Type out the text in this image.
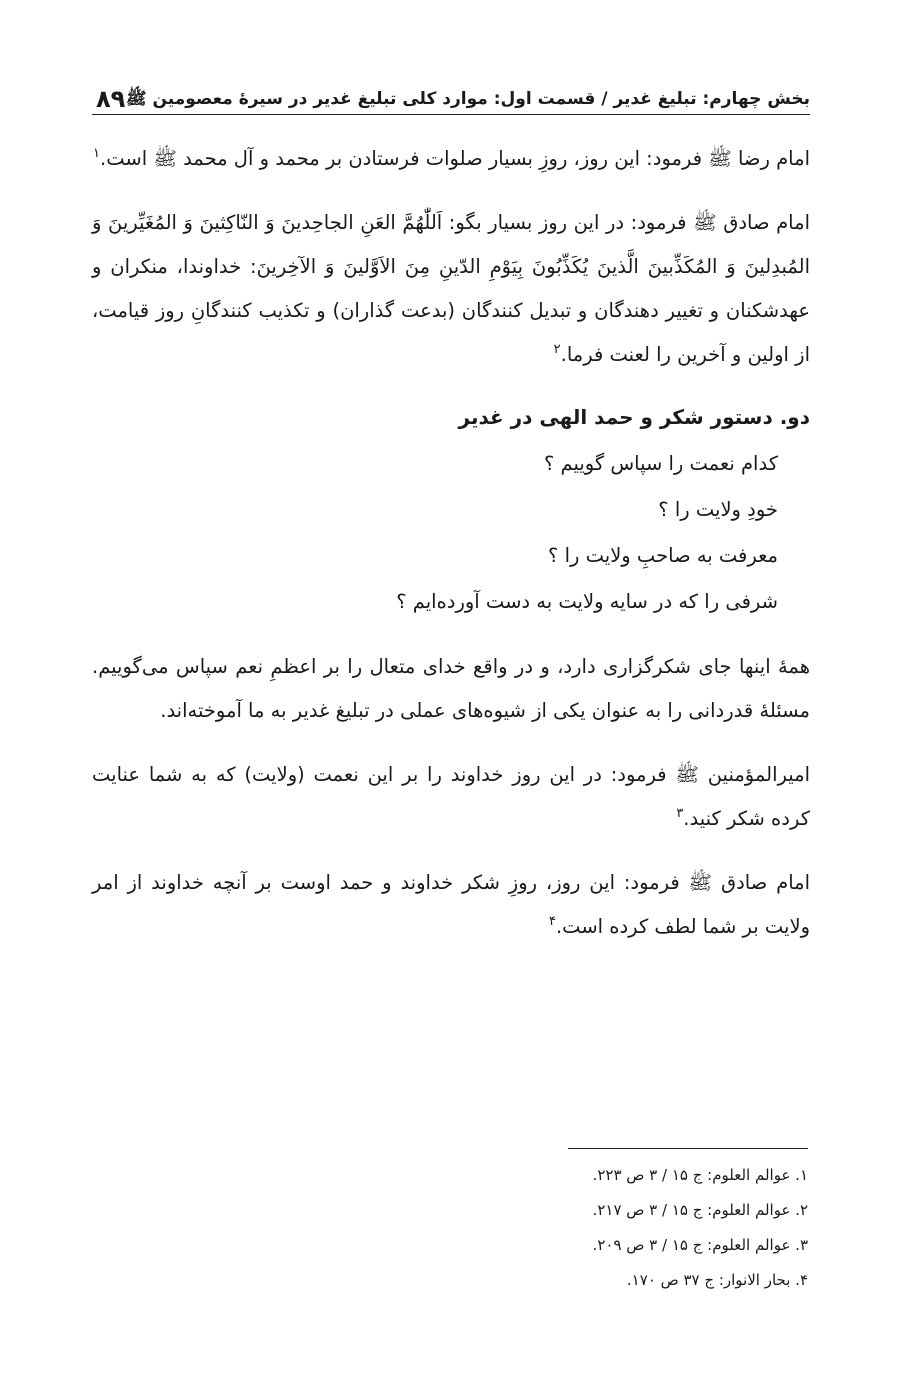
بخش چهارم: تبلیغ غدیر / قسمت اول: موارد کلی تبلیغ غدیر در سیرهٔ معصومین ﷺ
۸۹

امام رضا ﷺ فرمود: این روز، روزِ بسیار صلوات فرستادن بر محمد و آل محمد ﷺ است.$^۱$

امام صادق ﷺ فرمود: در این روز بسیار بگو: اَللّٰهُمَّ العَنِ الجاحِدینَ وَ النّاکِثینَ وَ المُغَیِّرینَ وَ المُبدِلینَ وَ المُکَذِّبینَ الَّذینَ یُکَذِّبُونَ بِیَوْمِ الدّینِ مِنَ الاَوَّلینَ وَ الآخِرینَ: خداوندا، منکران و عهدشکنان و تغییر دهندگان و تبدیل کنندگان (بدعت گذاران) و تکذیب کنندگانِ روز قیامت، از اولین و آخرین را لعنت فرما.$^۲$

دو. دستور شکر و حمد الهی در غدیر
کدام نعمت را سپاس گوییم ؟
خودِ ولایت را ؟
معرفت به صاحبِ ولایت را ؟
شرفی را که در سایه ولایت به دست آورده‌ایم ؟

همهٔ اینها جای شکرگزاری دارد، و در واقع خدای متعال را بر اعظمِ نعم سپاس می‌گوییم. مسئلهٔ قدردانی را به عنوان یکی از شیوه‌های عملی در تبلیغ غدیر به ما آموخته‌اند.

امیرالمؤمنین ﷺ فرمود: در این روز خداوند را بر این نعمت (ولایت) که به شما عنایت کرده شکر کنید.$^۳$

امام صادق ﷺ فرمود: این روز، روزِ شکر خداوند و حمد اوست بر آنچه خداوند از امر ولایت بر شما لطف کرده است.$^۴$

۱. عوالم العلوم: ج ۱۵ / ۳ ص ۲۲۳.
۲. عوالم العلوم: ج ۱۵ / ۳ ص ۲۱۷.
۳. عوالم العلوم: ج ۱۵ / ۳ ص ۲۰۹.
۴. بحار الانوار: ج ۳۷ ص ۱۷۰.
